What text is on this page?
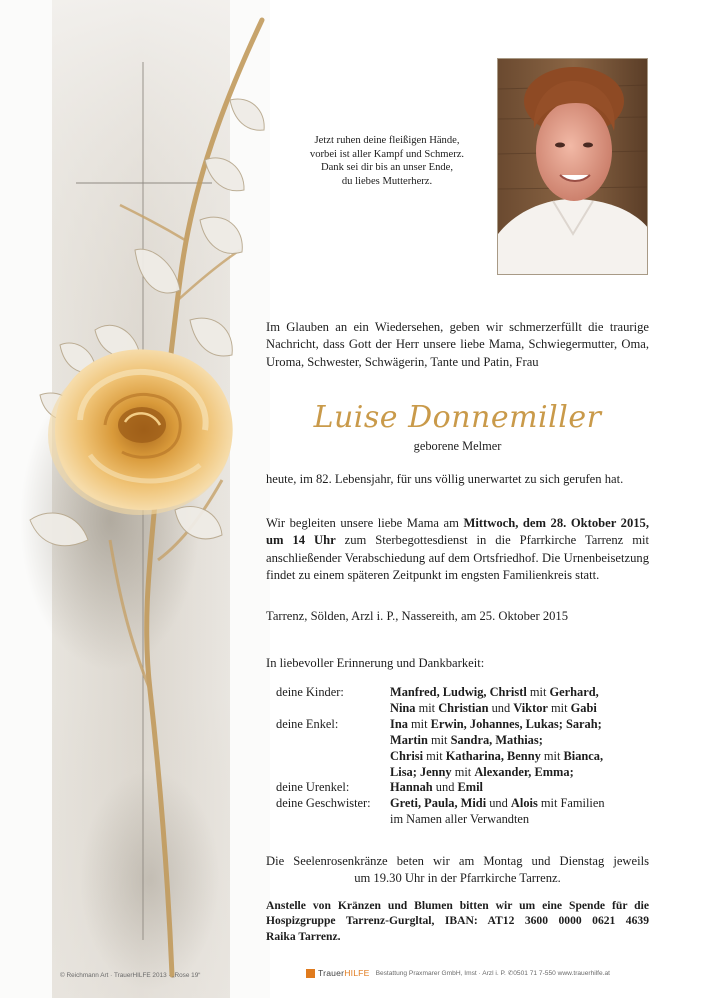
Jetzt ruhen deine fleißigen Hände,

vorbei ist aller Kampf und Schmerz.

Dank sei dir bis an unser Ende,

du liebes Mutterherz.

Im Glauben an ein Wiedersehen, geben wir schmerzerfüllt die traurige Nachricht, dass Gott der Herr unsere liebe Mama, Schwiegermutter, Oma, Uroma, Schwester, Schwägerin, Tante und Patin, Frau

Luise Donnemiller
geborene Melmer

heute, im 82. Lebensjahr, für uns völlig unerwartet zu sich gerufen hat.

Wir begleiten unsere liebe Mama am Mittwoch, dem 28. Oktober 2015, um 14 Uhr zum Sterbegottesdienst in die Pfarrkirche Tarrenz mit anschließender Verabschiedung auf dem Ortsfriedhof. Die Urnenbeisetzung findet zu einem späteren Zeitpunkt im engsten Familienkreis statt.

Tarrenz, Sölden, Arzl i. P., Nassereith, am 25. Oktober 2015

In liebevoller Erinnerung und Dankbarkeit:

deine Kinder:	Manfred, Ludwig, Christl mit Gerhard,
Nina mit Christian und Viktor mit Gabi
deine Enkel:	Ina mit Erwin, Johannes, Lukas; Sarah;
Martin mit Sandra, Mathias;
Chrisi mit Katharina, Benny mit Bianca,
Lisa; Jenny mit Alexander, Emma;
deine Urenkel:	Hannah und Emil
deine Geschwister:	Greti, Paula, Midi und Alois mit Familien
im Namen aller Verwandten

Die Seelenrosenkränze beten wir am Montag und Dienstag jeweils

um 19.30 Uhr in der Pfarrkirche Tarrenz.

Anstelle von Kränzen und Blumen bitten wir um eine Spende für die

Hospizgruppe Tarrenz-Gurgltal, IBAN: AT12 3600 0000 0621 4639

Raika Tarrenz.

© Reichmann Art · TrauerHILFE 2013 · „Rose 19“	TrauerHILFE Bestattung Praxmarer GmbH, Imst · Arzl i. P. ✆0501 71 7-550 www.trauerhilfe.at
